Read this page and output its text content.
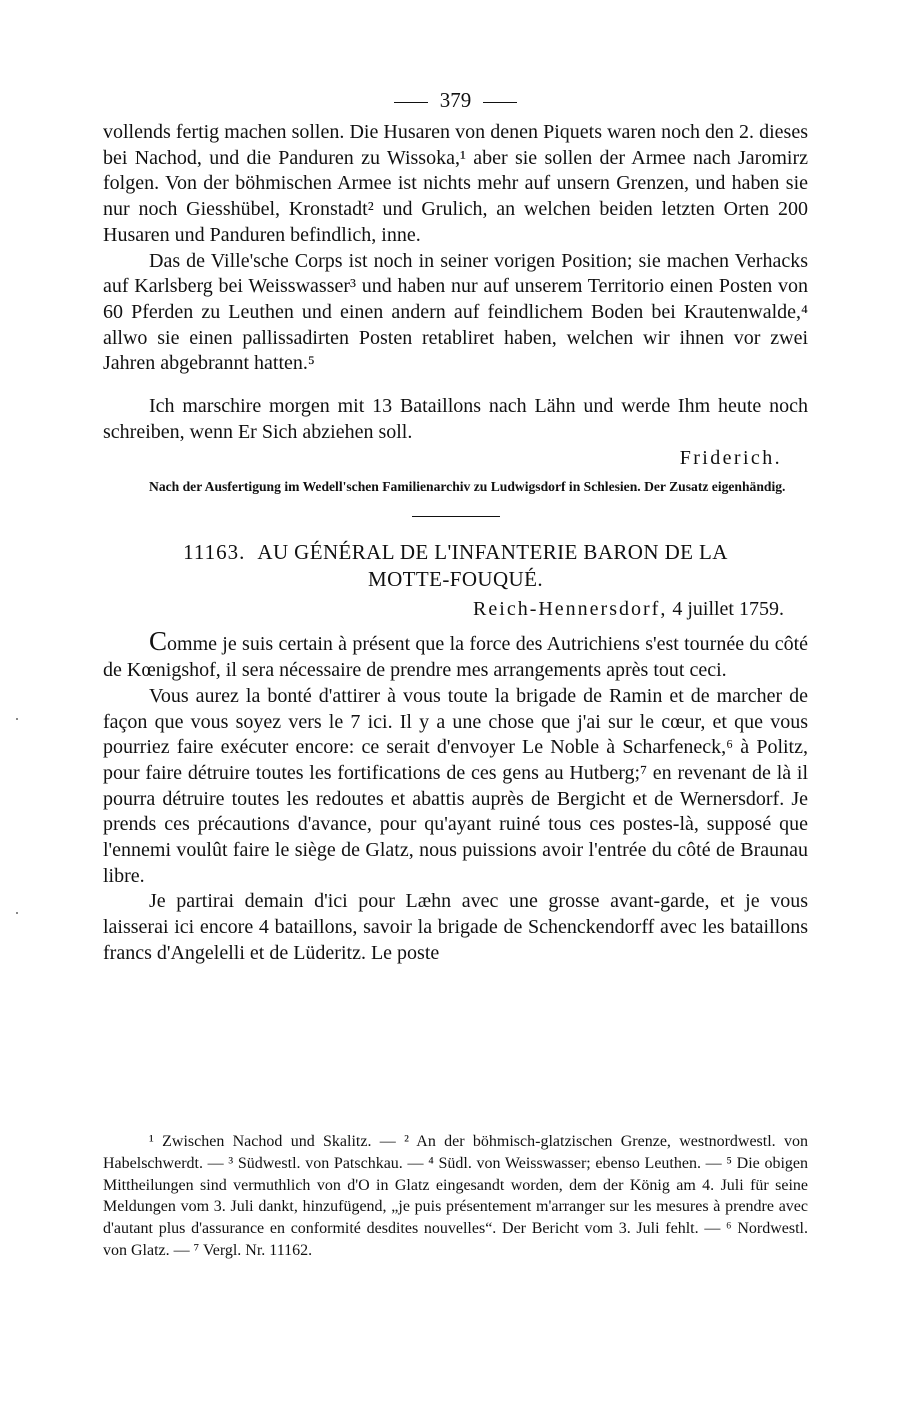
379

vollends fertig machen sollen. Die Husaren von denen Piquets waren noch den 2. dieses bei Nachod, und die Panduren zu Wissoka,¹ aber sie sollen der Armee nach Jaromirz folgen. Von der böhmischen Armee ist nichts mehr auf unsern Grenzen, und haben sie nur noch Giesshübel, Kronstadt² und Grulich, an welchen beiden letzten Orten 200 Husaren und Panduren befindlich, inne.

Das de Ville'sche Corps ist noch in seiner vorigen Position; sie machen Verhacks auf Karlsberg bei Weisswasser³ und haben nur auf unserem Territorio einen Posten von 60 Pferden zu Leuthen und einen andern auf feindlichem Boden bei Krautenwalde,⁴ allwo sie einen pallissadirten Posten retabliret haben, welchen wir ihnen vor zwei Jahren abgebrannt hatten.⁵

Ich marschire morgen mit 13 Bataillons nach Lähn und werde Ihm heute noch schreiben, wenn Er Sich abziehen soll.

Friderich.

Nach der Ausfertigung im Wedell'schen Familienarchiv zu Ludwigsdorf in Schlesien. Der Zusatz eigenhändig.

11163. AU GÉNÉRAL DE L'INFANTERIE BARON DE LA
MOTTE-FOUQUÉ.

Reich-Hennersdorf, 4 juillet 1759.

Comme je suis certain à présent que la force des Autrichiens s'est tournée du côté de Kœnigshof, il sera nécessaire de prendre mes arrangements après tout ceci.

Vous aurez la bonté d'attirer à vous toute la brigade de Ramin et de marcher de façon que vous soyez vers le 7 ici. Il y a une chose que j'ai sur le cœur, et que vous pourriez faire exécuter encore: ce serait d'envoyer Le Noble à Scharfeneck,⁶ à Politz, pour faire détruire toutes les fortifications de ces gens au Hutberg;⁷ en revenant de là il pourra détruire toutes les redoutes et abattis auprès de Bergicht et de Wernersdorf. Je prends ces précautions d'avance, pour qu'ayant ruiné tous ces postes-là, supposé que l'ennemi voulût faire le siège de Glatz, nous puissions avoir l'entrée du côté de Braunau libre.

Je partirai demain d'ici pour Læhn avec une grosse avant-garde, et je vous laisserai ici encore 4 bataillons, savoir la brigade de Schenckendorff avec les bataillons francs d'Angelelli et de Lüderitz. Le poste

¹ Zwischen Nachod und Skalitz. — ² An der böhmisch-glatzischen Grenze, westnordwestl. von Habelschwerdt. — ³ Südwestl. von Patschkau. — ⁴ Südl. von Weisswasser; ebenso Leuthen. — ⁵ Die obigen Mittheilungen sind vermuthlich von d'O in Glatz eingesandt worden, dem der König am 4. Juli für seine Meldungen vom 3. Juli dankt, hinzufügend, „je puis présentement m'arranger sur les mesures à prendre avec d'autant plus d'assurance en conformité desdites nouvelles“. Der Bericht vom 3. Juli fehlt. — ⁶ Nordwestl. von Glatz. — ⁷ Vergl. Nr. 11162.
